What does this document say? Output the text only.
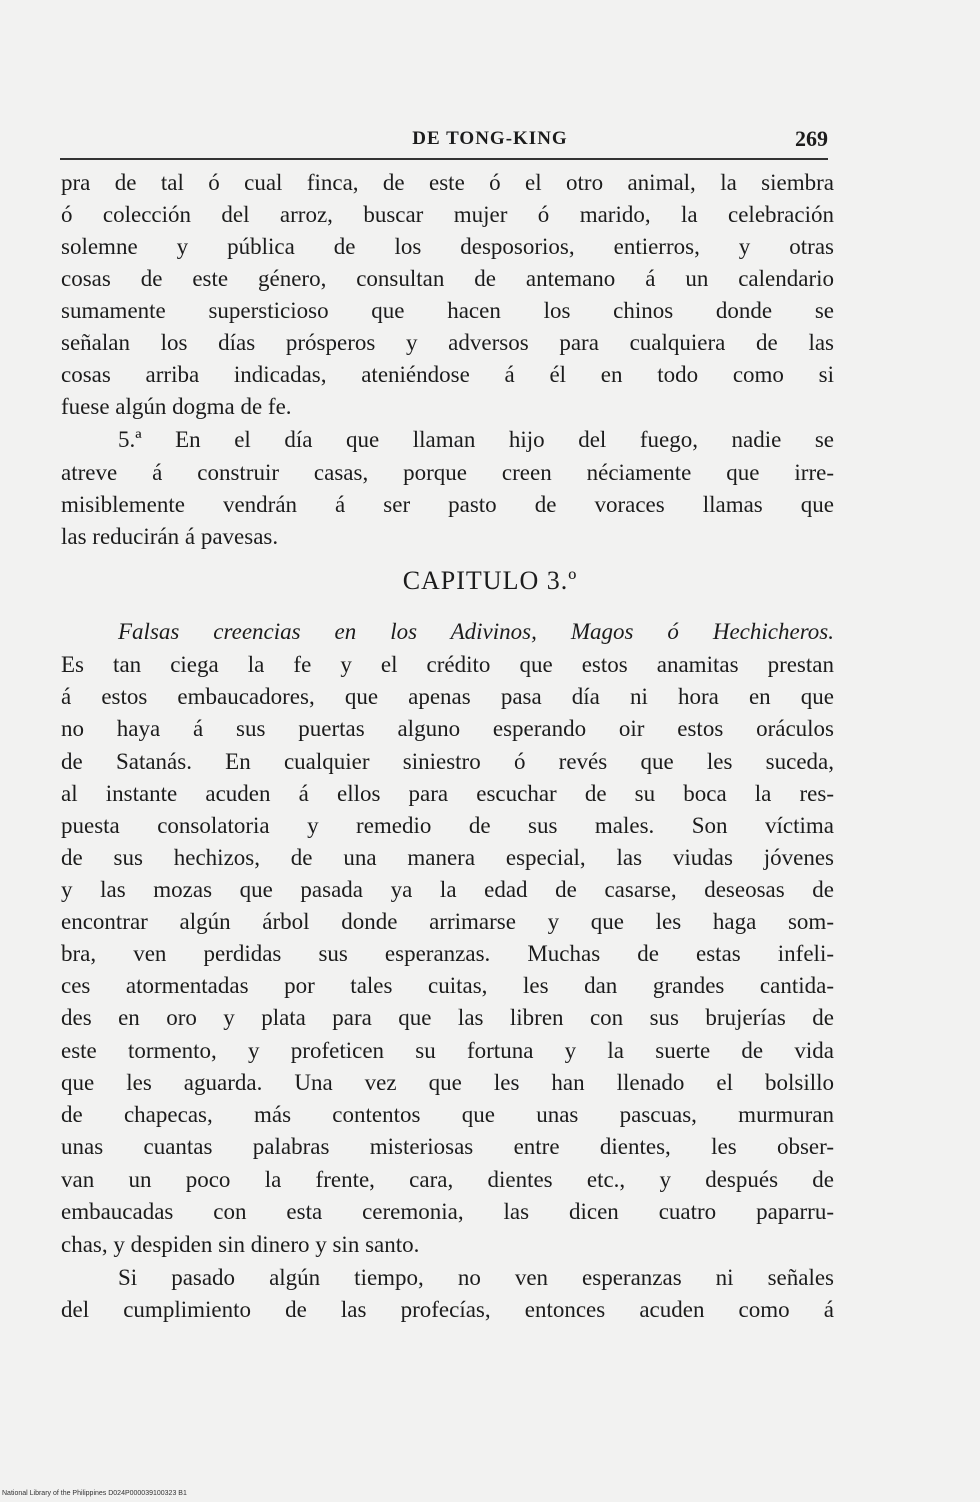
DE TONG-KING	269
pra de tal ó cual finca, de este ó el otro animal, la siembra
ó colección del arroz, buscar mujer ó marido, la celebración
solemne y pública de los desposorios, entierros, y otras
cosas de este género, consultan de antemano á un calendario
sumamente supersticioso que hacen los chinos donde se
señalan los días prósperos y adversos para cualquiera de las
cosas arriba indicadas, ateniéndose á él en todo como si
fuese algún dogma de fe.
5.ª En el día que llaman hijo del fuego, nadie se
atreve á construir casas, porque creen néciamente que irre-
misiblemente vendrán á ser pasto de voraces llamas que
las reducirán á pavesas.
CAPITULO 3.º
Falsas creencias en los Adivinos, Magos ó Hechicheros.
Es tan ciega la fe y el crédito que estos anamitas prestan
á estos embaucadores, que apenas pasa día ni hora en que
no haya á sus puertas alguno esperando oir estos oráculos
de Satanás. En cualquier siniestro ó revés que les suceda,
al instante acuden á ellos para escuchar de su boca la res-
puesta consolatoria y remedio de sus males. Son víctima
de sus hechizos, de una manera especial, las viudas jóvenes
y las mozas que pasada ya la edad de casarse, deseosas de
encontrar algún árbol donde arrimarse y que les haga som-
bra, ven perdidas sus esperanzas. Muchas de estas infeli-
ces atormentadas por tales cuitas, les dan grandes cantida-
des en oro y plata para que las libren con sus brujerías de
este tormento, y profeticen su fortuna y la suerte de vida
que les aguarda. Una vez que les han llenado el bolsillo
de chapecas, más contentos que unas pascuas, murmuran
unas cuantas palabras misteriosas entre dientes, les obser-
van un poco la frente, cara, dientes etc., y después de
embaucadas con esta ceremonia, las dicen cuatro paparru-
chas, y despiden sin dinero y sin santo.
Si pasado algún tiempo, no ven esperanzas ni señales
del cumplimiento de las profecías, entonces acuden como á
National Library of the Philippines D024P000039100323 B1
